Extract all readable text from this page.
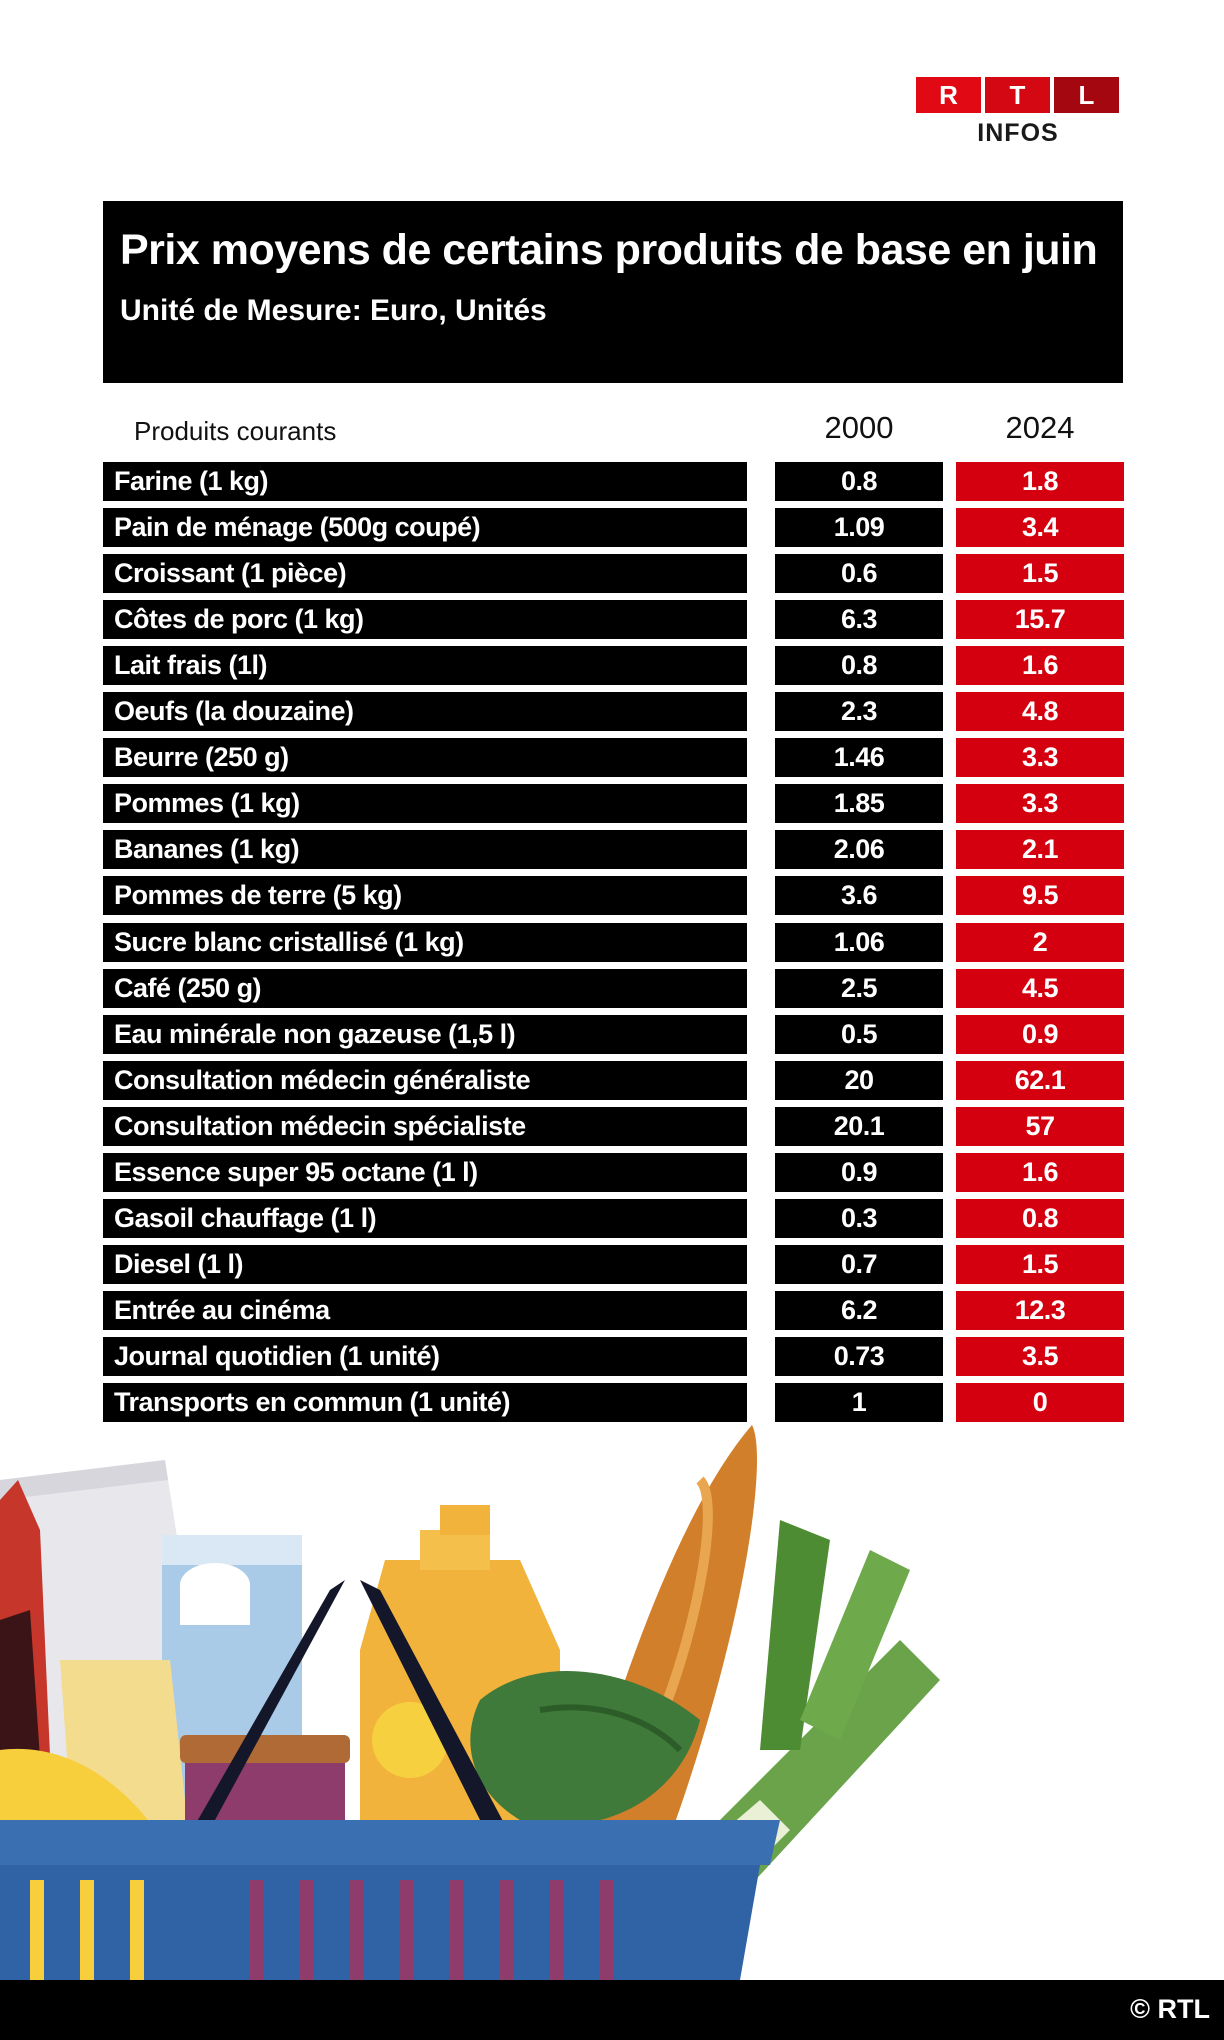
R	T	L
INFOS
Prix moyens de certains produits de base en juin
Unité de Mesure: Euro, Unités
Produits courants	2000	2024
Farine (1 kg)	0.8	1.8
Pain de ménage (500g coupé)	1.09	3.4
Croissant (1 pièce)	0.6	1.5
Côtes de porc (1 kg)	6.3	15.7
Lait frais (1l)	0.8	1.6
Oeufs (la douzaine)	2.3	4.8
Beurre (250 g)	1.46	3.3
Pommes (1 kg)	1.85	3.3
Bananes (1 kg)	2.06	2.1
Pommes de terre (5 kg)	3.6	9.5
Sucre blanc cristallisé (1 kg)	1.06	2
Café (250 g)	2.5	4.5
Eau minérale non gazeuse (1,5 l)	0.5	0.9
Consultation médecin généraliste	20	62.1
Consultation médecin spécialiste	20.1	57
Essence super 95 octane (1 l)	0.9	1.6
Gasoil chauffage (1 l)	0.3	0.8
Diesel (1 l)	0.7	1.5
Entrée au cinéma	6.2	12.3
Journal quotidien (1 unité)	0.73	3.5
Transports en commun (1 unité)	1	0
© RTL
